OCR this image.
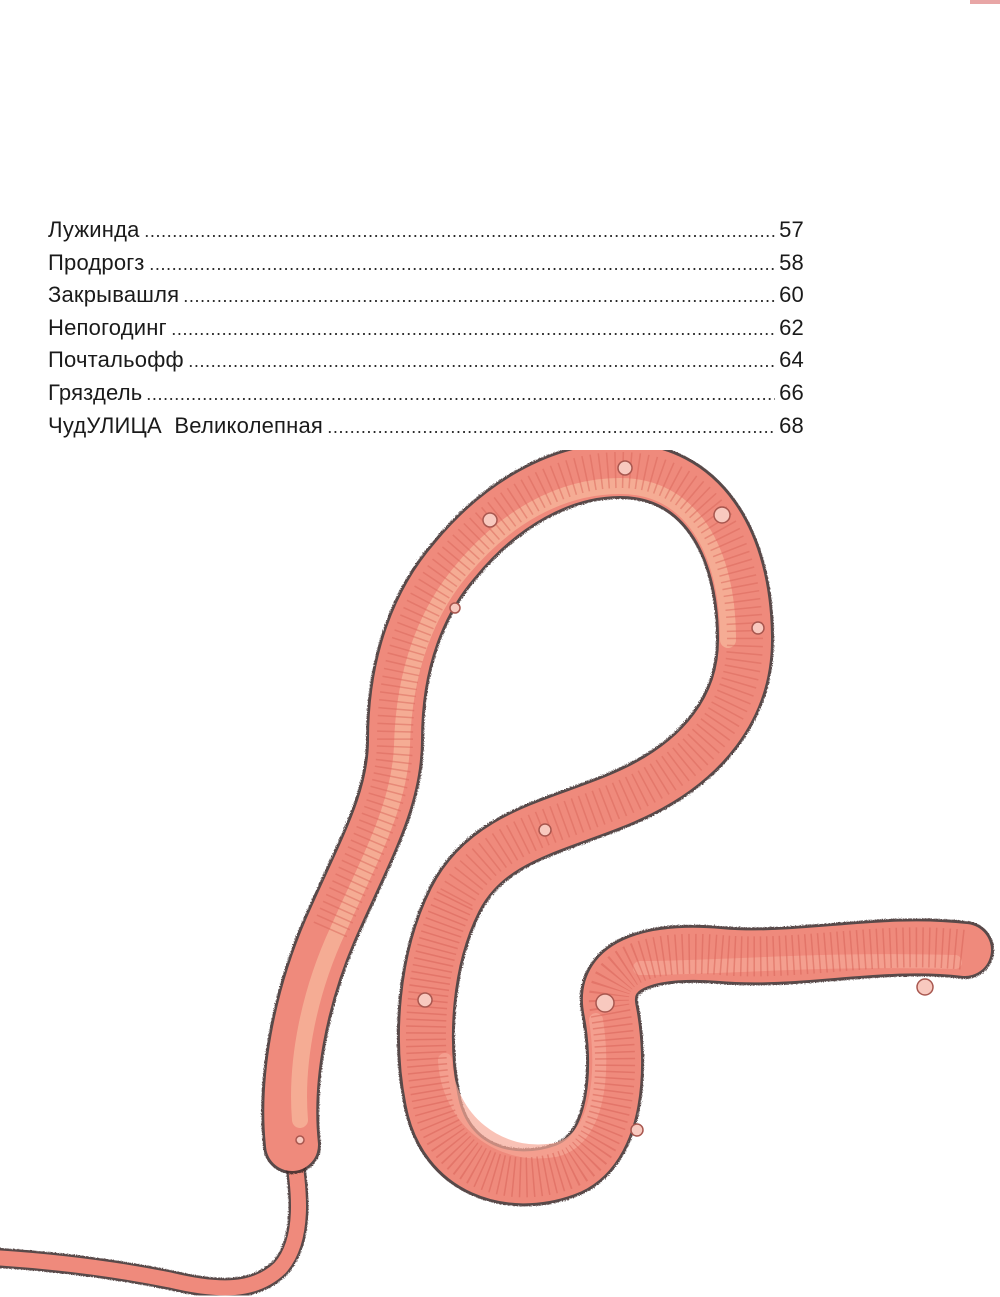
Лужинда	57
Продрогз	58
Закрывашля	60
Непогодинг	62
Почтальофф	64
Гряздель	66
ЧудУЛИЦА  Великолепная	68
